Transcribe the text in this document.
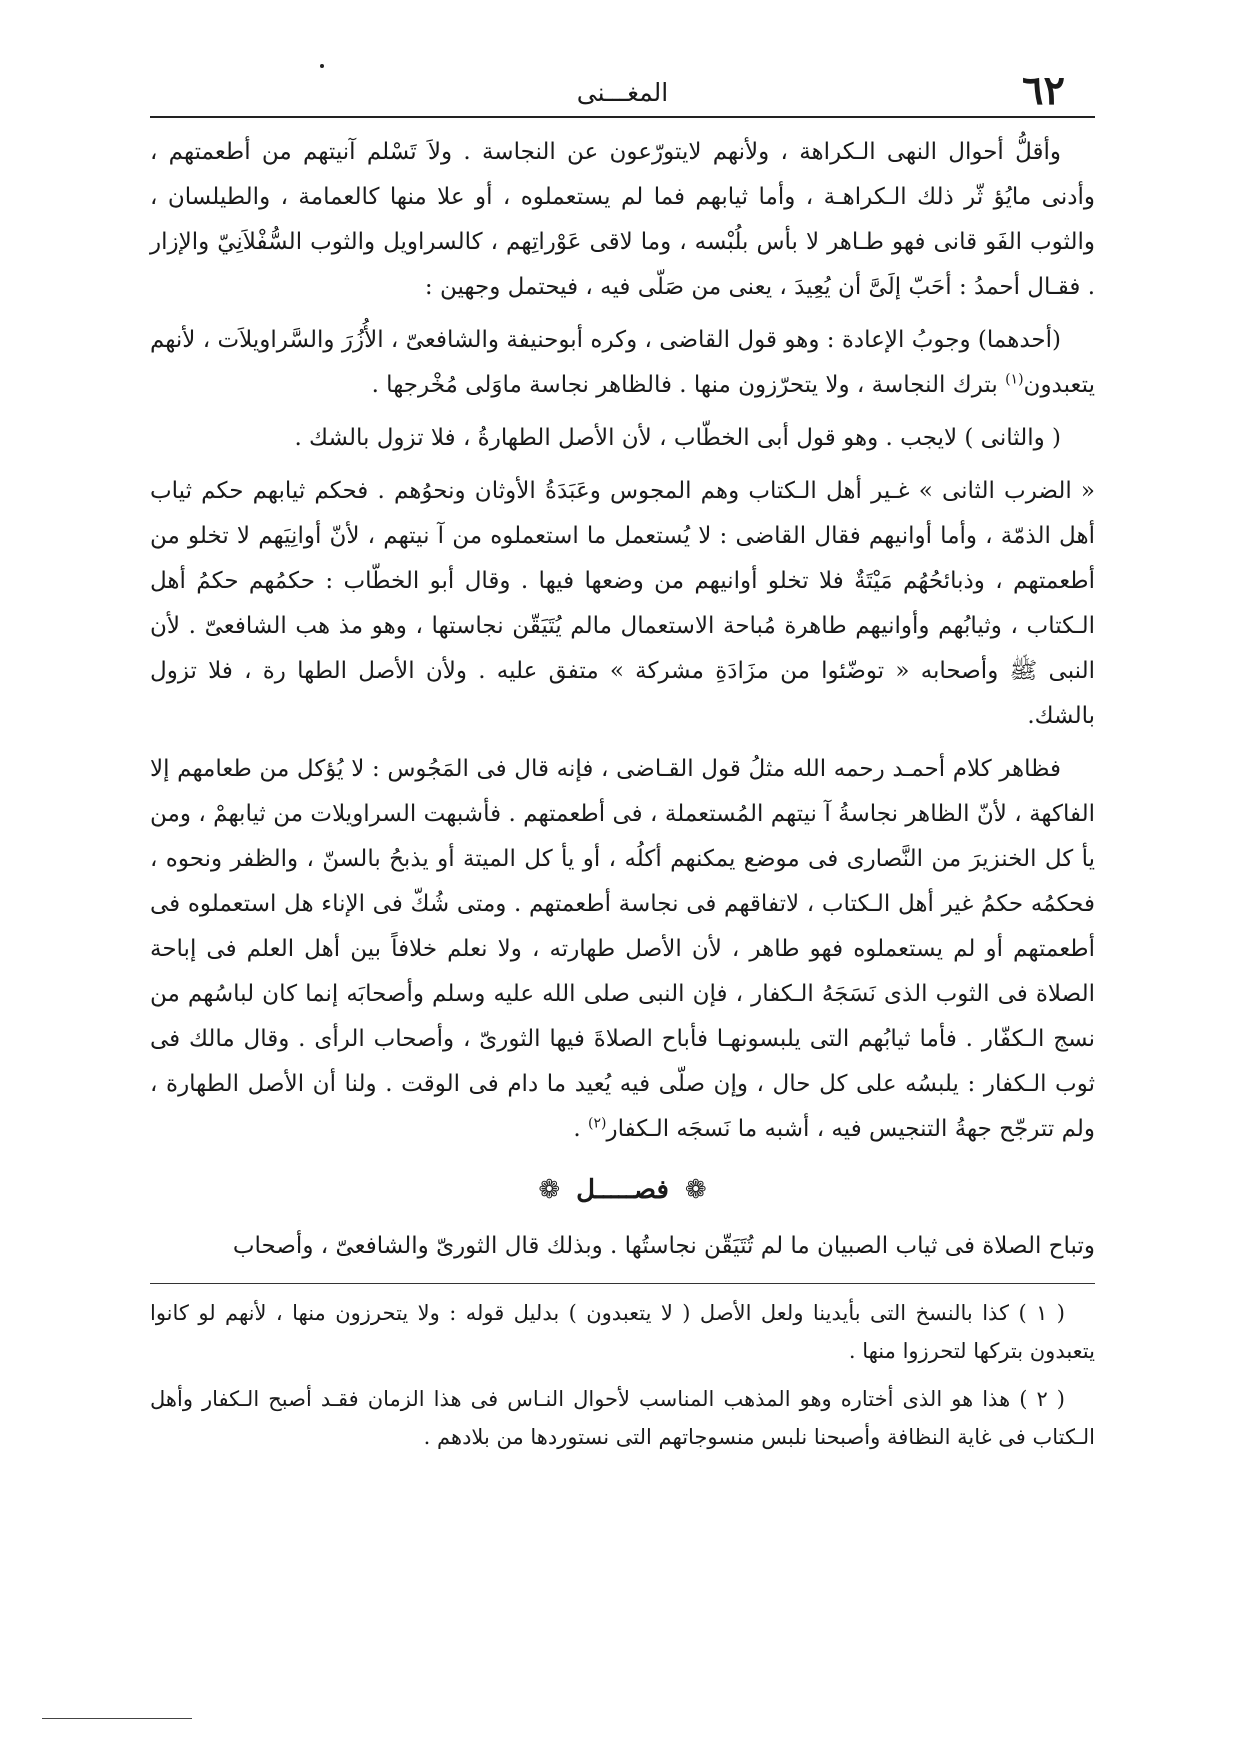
المغـــنى	٦٢

وأقلُّ أحوال النهى الـكراهة ، ولأنهم لايتورّعون عن النجاسة . ولاَ تَسْلم آنيتهم من أطعمتهم ، وأدنى مايُؤ ثّر ذلك الـكراهـة ، وأما ثيابهم فما لم يستعملوه ، أو علا منها كالعمامة ، والطيلسان ، والثوب الفَو قانى فهو طـاهر لا بأس بلُبْسه ، وما لاقى عَوْراتِهم ، كالسراويل والثوب السُّفْلاَنِيّ والإزار . فقـال أحمدُ : أحَبّ إلَىَّ أن يُعِيدَ ، يعنى من صَلّى فيه ، فيحتمل وجهين :

(أحدهما) وجوبُ الإعادة : وهو قول القاضى ، وكره أبوحنيفة والشافعىّ ، الأُزُرَ والسَّراويلاَت ، لأنهم يتعبدون$^{(١)}$ بترك النجاسة ، ولا يتحرّزون منها . فالظاهر نجاسة ماوَلى مُخْرجها .

( والثانى ) لايجب . وهو قول أبى الخطّاب ، لأن الأصل الطهارةُ ، فلا تزول بالشك .

« الضرب الثانى » غـير أهل الـكتاب وهم المجوس وعَبَدَةُ الأوثان ونحوُهم . فحكم ثيابهم حكم ثياب أهل الذمّة ، وأما أوانيهم فقال القاضى : لا يُستعمل ما استعملوه من آ نيتهم ، لأنّ أوانِيَهم لا تخلو من أطعمتهم ، وذبائحُهُم مَيْتَةٌ فلا تخلو أوانيهم من وضعها فيها . وقال أبو الخطّاب : حكمُهم حكمُ أهل الـكتاب ، وثيابُهم وأوانيهم طاهرة مُباحة الاستعمال مالم يُتَيَقّن نجاستها ، وهو مذ هب الشافعىّ . لأن النبى ﷺ وأصحابه « توضّئوا من مزَادَةِ مشركة » متفق عليه . ولأن الأصل الطها رة ، فلا تزول بالشك.

فظاهر كلام أحمـد رحمه الله مثلُ قول القـاضى ، فإنه قال فى المَجُوس : لا يُؤكل من طعامهم إلا الفاكهة ، لأنّ الظاهر نجاسةُ آ نيتهم المُستعملة ، فى أطعمتهم . فأشبهت السراويلات من ثيابهمْ ، ومن يأ كل الخنزيرَ من النَّصارى فى موضع يمكنهم أكلُه ، أو يأ كل الميتة أو يذبحُ بالسنّ ، والظفر ونحوه ، فحكمُه حكمُ غير أهل الـكتاب ، لاتفاقهم فى نجاسة أطعمتهم . ومتى شُكّ فى الإناء هل استعملوه فى أطعمتهم أو لم يستعملوه فهو طاهر ، لأن الأصل طهارته ، ولا نعلم خلافاً بين أهل العلم فى إباحة الصلاة فى الثوب الذى نَسَجَهُ الـكفار ، فإن النبى صلى الله عليه وسلم وأصحابَه إنما كان لباسُهم من نسج الـكفّار . فأما ثيابُهم التى يلبسونهـا فأباح الصلاةَ فيها الثورىّ ، وأصحاب الرأى . وقال مالك فى ثوب الـكفار : يلبسُه على كل حال ، وإن صلّى فيه يُعيد ما دام فى الوقت . ولنا أن الأصل الطهارة ، ولم تترجّح جهةُ التنجيس فيه ، أشبه ما نَسجَه الـكفار$^{(٢)}$ .

❁
فصـــــل
❁

وتباح الصلاة فى ثياب الصبيان ما لم تُتَيَقّن نجاستُها . وبذلك قال الثورىّ والشافعىّ ، وأصحاب

( ١ ) كذا بالنسخ التى بأيدينا ولعل الأصل ( لا يتعبدون ) بدليل قوله : ولا يتحرزون منها ، لأنهم لو كانوا يتعبدون بتركها لتحرزوا منها .

( ٢ ) هذا هو الذى أختاره وهو المذهب المناسب لأحوال النـاس فى هذا الزمان فقـد أصبح الـكفار وأهل الـكتاب فى غاية النظافة وأصبحنا نلبس منسوجاتهم التى نستوردها من بلادهم .
